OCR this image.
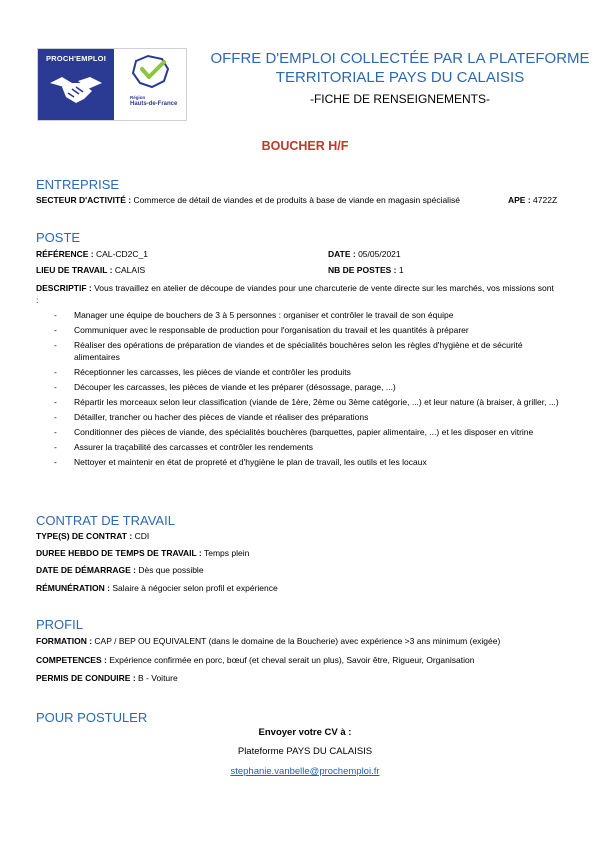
PROCH'EMPLOI
Région
Hauts-de-France
OFFRE D'EMPLOI COLLECTÉE PAR LA PLATEFORME
TERRITORIALE PAYS DU CALAISIS
-FICHE DE RENSEIGNEMENTS-
BOUCHER H/F
ENTREPRISE
SECTEUR D'ACTIVITÉ : Commerce de détail de viandes et de produits à base de viande en magasin spécialisé	APE : 4722Z
POSTE
RÉFÉRENCE : CAL-CD2C_1	DATE : 05/05/2021
LIEU DE TRAVAIL : CALAIS	NB DE POSTES : 1
DESCRIPTIF : Vous travaillez en atelier de découpe de viandes pour une charcuterie de vente directe sur les marchés, vos missions sont :
- Manager une équipe de bouchers de 3 à 5 personnes : organiser et contrôler le travail de son équipe
- Communiquer avec le responsable de production pour l'organisation du travail et les quantités à préparer
- Réaliser des opérations de préparation de viandes et de spécialités bouchères selon les règles d'hygiène et de sécurité alimentaires
- Réceptionner les carcasses, les pièces de viande et contrôler les produits
- Découper les carcasses, les pièces de viande et les préparer (désossage, parage, ...)
- Répartir les morceaux selon leur classification (viande de 1ère, 2ème ou 3ème catégorie, ...) et leur nature (à braiser, à griller, ...)
- Détailler, trancher ou hacher des pièces de viande et réaliser des préparations
- Conditionner des pièces de viande, des spécialités bouchères (barquettes, papier alimentaire, ...) et les disposer en vitrine
- Assurer la traçabilité des carcasses et contrôler les rendements
- Nettoyer et maintenir en état de propreté et d'hygiène le plan de travail, les outils et les locaux
CONTRAT DE TRAVAIL
TYPE(S) DE CONTRAT : CDI
DUREE HEBDO DE TEMPS DE TRAVAIL : Temps plein
DATE DE DÉMARRAGE : Dès que possible
RÉMUNÉRATION : Salaire à négocier selon profil et expérience
PROFIL
FORMATION : CAP / BEP OU EQUIVALENT (dans le domaine de la Boucherie) avec expérience >3 ans minimum (exigée)
COMPETENCES : Expérience confirmée en porc, bœuf (et cheval serait un plus), Savoir être, Rigueur, Organisation
PERMIS DE CONDUIRE : B - Voiture
POUR POSTULER
Envoyer votre CV à :
Plateforme PAYS DU CALAISIS
stephanie.vanbelle@prochemploi.fr
